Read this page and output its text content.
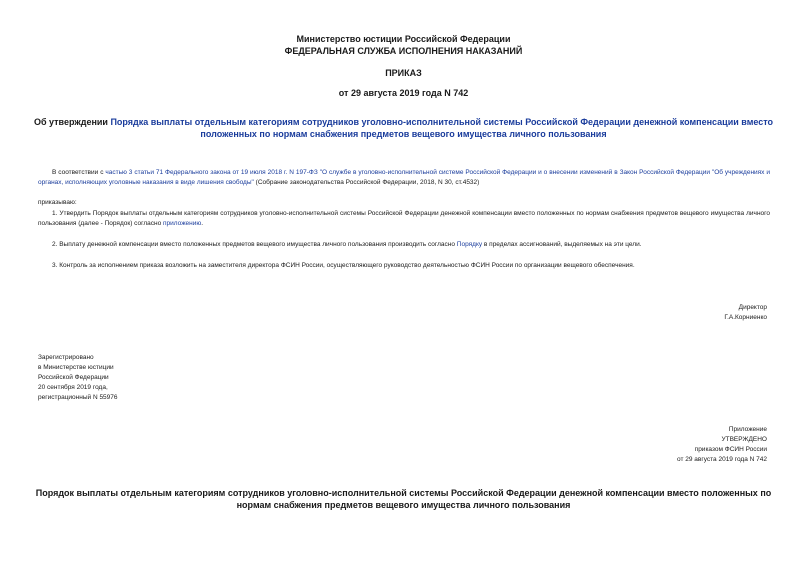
Министерство юстиции Российской Федерации
ФЕДЕРАЛЬНАЯ СЛУЖБА ИСПОЛНЕНИЯ НАКАЗАНИЙ
ПРИКАЗ
от 29 августа 2019 года N 742
Об утверждении Порядка выплаты отдельным категориям сотрудников уголовно-исполнительной системы Российской Федерации денежной компенсации вместо положенных по нормам снабжения предметов вещевого имущества личного пользования
В соответствии с частью 3 статьи 71 Федерального закона от 19 июля 2018 г. N 197-ФЗ "О службе в уголовно-исполнительной системе Российской Федерации и о внесении изменений в Закон Российской Федерации "Об учреждениях и органах, исполняющих уголовные наказания в виде лишения свободы" (Собрание законодательства Российской Федерации, 2018, N 30, ст.4532)
приказываю:
1. Утвердить Порядок выплаты отдельным категориям сотрудников уголовно-исполнительной системы Российской Федерации денежной компенсации вместо положенных по нормам снабжения предметов вещевого имущества личного пользования (далее - Порядок) согласно приложению.
2. Выплату денежной компенсации вместо положенных предметов вещевого имущества личного пользования производить согласно Порядку в пределах ассигнований, выделяемых на эти цели.
3. Контроль за исполнением приказа возложить на заместителя директора ФСИН России, осуществляющего руководство деятельностью ФСИН России по организации вещевого обеспечения.
Директор
Г.А.Корниенко
Зарегистрировано
в Министерстве юстиции
Российской Федерации
20 сентября 2019 года,
регистрационный N 55976
Приложение
УТВЕРЖДЕНО
приказом ФСИН России
от 29 августа 2019 года N 742
Порядок выплаты отдельным категориям сотрудников уголовно-исполнительной системы Российской Федерации денежной компенсации вместо положенных по нормам снабжения предметов вещевого имущества личного пользования
